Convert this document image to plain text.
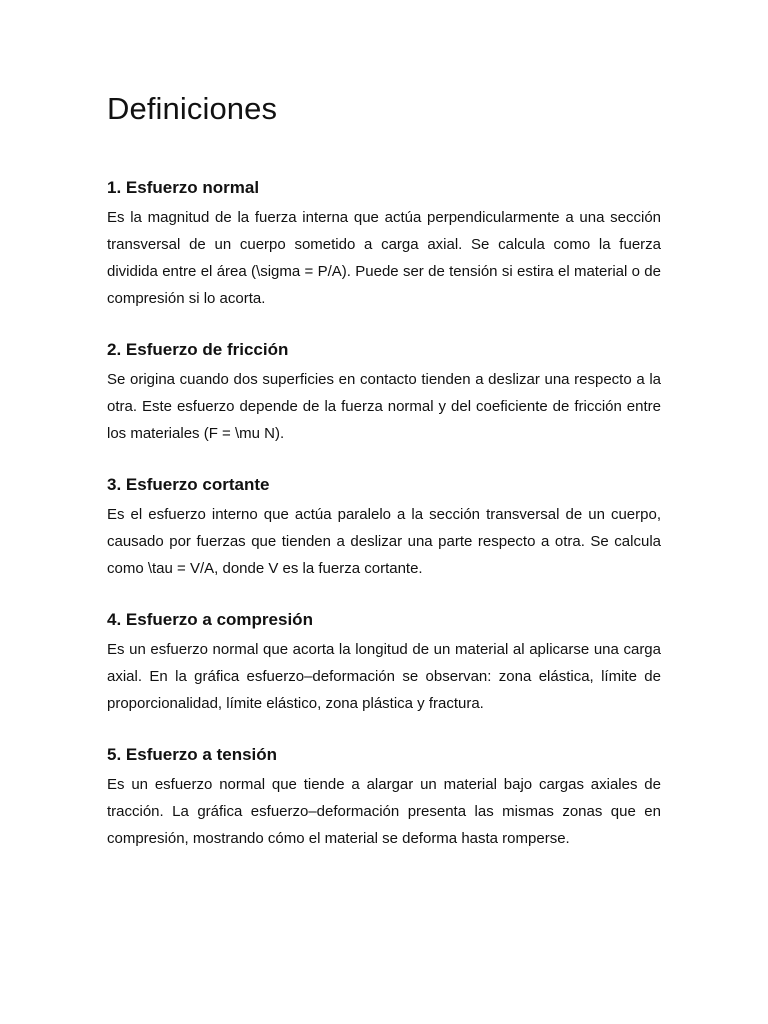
Definiciones
1. Esfuerzo normal

Es la magnitud de la fuerza interna que actúa perpendicularmente a una sección transversal de un cuerpo sometido a carga axial. Se calcula como la fuerza dividida entre el área (\sigma = P/A). Puede ser de tensión si estira el material o de compresión si lo acorta.

2. Esfuerzo de fricción

Se origina cuando dos superficies en contacto tienden a deslizar una respecto a la otra. Este esfuerzo depende de la fuerza normal y del coeficiente de fricción entre los materiales (F = \mu N).

3. Esfuerzo cortante

Es el esfuerzo interno que actúa paralelo a la sección transversal de un cuerpo, causado por fuerzas que tienden a deslizar una parte respecto a otra. Se calcula como \tau = V/A, donde V es la fuerza cortante.

4. Esfuerzo a compresión

Es un esfuerzo normal que acorta la longitud de un material al aplicarse una carga axial. En la gráfica esfuerzo–deformación se observan: zona elástica, límite de proporcionalidad, límite elástico, zona plástica y fractura.

5. Esfuerzo a tensión

Es un esfuerzo normal que tiende a alargar un material bajo cargas axiales de tracción. La gráfica esfuerzo–deformación presenta las mismas zonas que en compresión, mostrando cómo el material se deforma hasta romperse.
